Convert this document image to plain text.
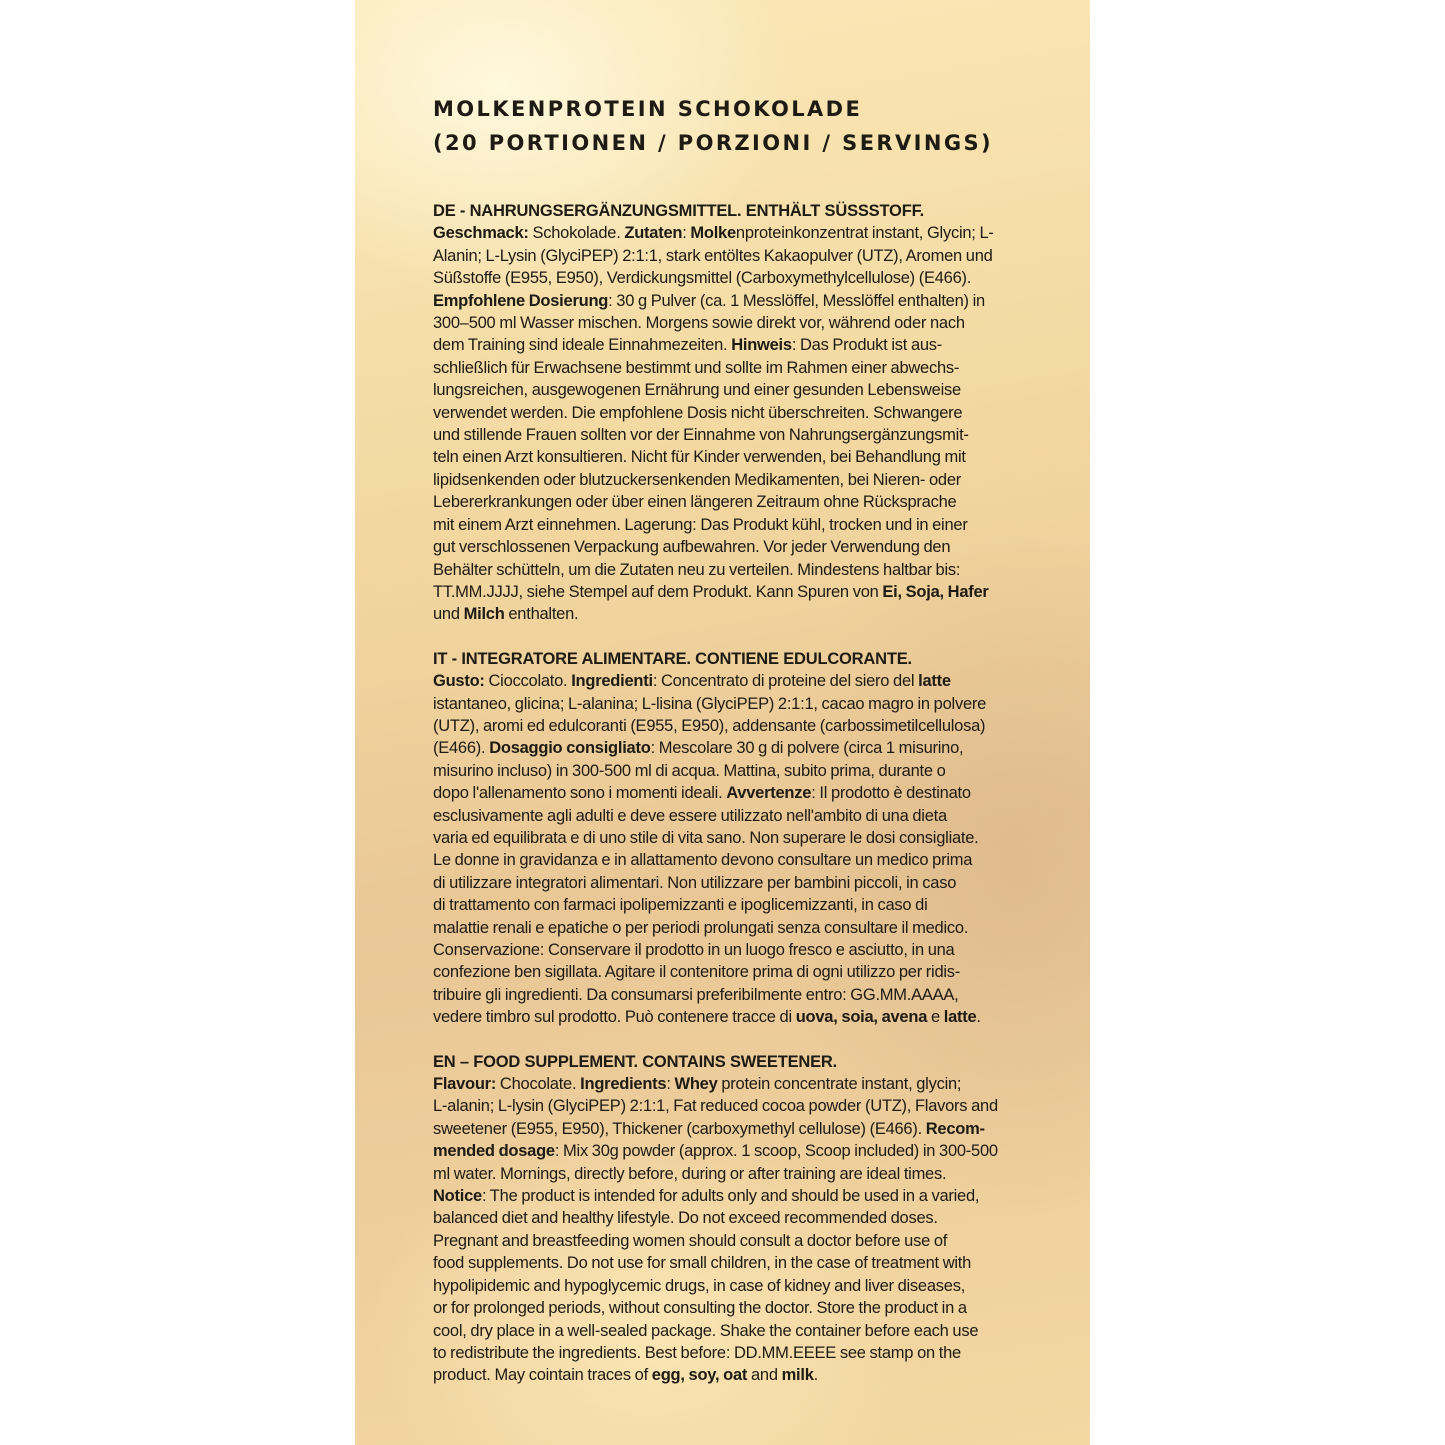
MOLKENPROTEIN SCHOKOLADE
(20 PORTIONEN / PORZIONI / SERVINGS)

DE - NAHRUNGSERGÄNZUNGSMITTEL. ENTHÄLT SÜSSSTOFF.

Geschmack: Schokolade. Zutaten: Molkenproteinkonzentrat instant, Glycin; L-
Alanin; L-Lysin (GlyciPEP) 2:1:1, stark entöltes Kakaopulver (UTZ), Aromen und
Süßstoffe (E955, E950), Verdickungsmittel (Carboxymethylcellulose) (E466).
Empfohlene Dosierung: 30 g Pulver (ca. 1 Messlöffel, Messlöffel enthalten) in
300–500 ml Wasser mischen. Morgens sowie direkt vor, während oder nach
dem Training sind ideale Einnahmezeiten. Hinweis: Das Produkt ist aus-
schließlich für Erwachsene bestimmt und sollte im Rahmen einer abwechs-
lungsreichen, ausgewogenen Ernährung und einer gesunden Lebensweise
verwendet werden. Die empfohlene Dosis nicht überschreiten. Schwangere
und stillende Frauen sollten vor der Einnahme von Nahrungsergänzungsmit-
teln einen Arzt konsultieren. Nicht für Kinder verwenden, bei Behandlung mit
lipidsenkenden oder blutzuckersenkenden Medikamenten, bei Nieren- oder
Lebererkrankungen oder über einen längeren Zeitraum ohne Rücksprache
mit einem Arzt einnehmen. Lagerung: Das Produkt kühl, trocken und in einer
gut verschlossenen Verpackung aufbewahren. Vor jeder Verwendung den
Behälter schütteln, um die Zutaten neu zu verteilen. Mindestens haltbar bis:
TT.MM.JJJJ, siehe Stempel auf dem Produkt. Kann Spuren von Ei, Soja, Hafer
und Milch enthalten.

IT - INTEGRATORE ALIMENTARE. CONTIENE EDULCORANTE.

Gusto: Cioccolato. Ingredienti: Concentrato di proteine del siero del latte
istantaneo, glicina; L-alanina; L-lisina (GlyciPEP) 2:1:1, cacao magro in polvere
(UTZ), aromi ed edulcoranti (E955, E950), addensante (carbossimetilcellulosa)
(E466). Dosaggio consigliato: Mescolare 30 g di polvere (circa 1 misurino,
misurino incluso) in 300-500 ml di acqua. Mattina, subito prima, durante o
dopo l'allenamento sono i momenti ideali. Avvertenze: Il prodotto è destinato
esclusivamente agli adulti e deve essere utilizzato nell'ambito di una dieta
varia ed equilibrata e di uno stile di vita sano. Non superare le dosi consigliate.
Le donne in gravidanza e in allattamento devono consultare un medico prima
di utilizzare integratori alimentari. Non utilizzare per bambini piccoli, in caso
di trattamento con farmaci ipolipemizzanti e ipoglicemizzanti, in caso di
malattie renali e epatiche o per periodi prolungati senza consultare il medico.
Conservazione: Conservare il prodotto in un luogo fresco e asciutto, in una
confezione ben sigillata. Agitare il contenitore prima di ogni utilizzo per ridis-
tribuire gli ingredienti. Da consumarsi preferibilmente entro: GG.MM.AAAA,
vedere timbro sul prodotto. Può contenere tracce di uova, soia, avena e latte.

EN – FOOD SUPPLEMENT. CONTAINS SWEETENER.

Flavour: Chocolate. Ingredients: Whey protein concentrate instant, glycin;
L-alanin; L-lysin (GlyciPEP) 2:1:1, Fat reduced cocoa powder (UTZ), Flavors and
sweetener (E955, E950), Thickener (carboxymethyl cellulose) (E466). Recom-
mended dosage: Mix 30g powder (approx. 1 scoop, Scoop included) in 300-500
ml water. Mornings, directly before, during or after training are ideal times.
Notice: The product is intended for adults only and should be used in a varied,
balanced diet and healthy lifestyle. Do not exceed recommended doses.
Pregnant and breastfeeding women should consult a doctor before use of
food supplements. Do not use for small children, in the case of treatment with
hypolipidemic and hypoglycemic drugs, in case of kidney and liver diseases,
or for prolonged periods, without consulting the doctor. Store the product in a
cool, dry place in a well-sealed package. Shake the container before each use
to redistribute the ingredients. Best before: DD.MM.EEEE see stamp on the
product. May cointain traces of egg, soy, oat and milk.
